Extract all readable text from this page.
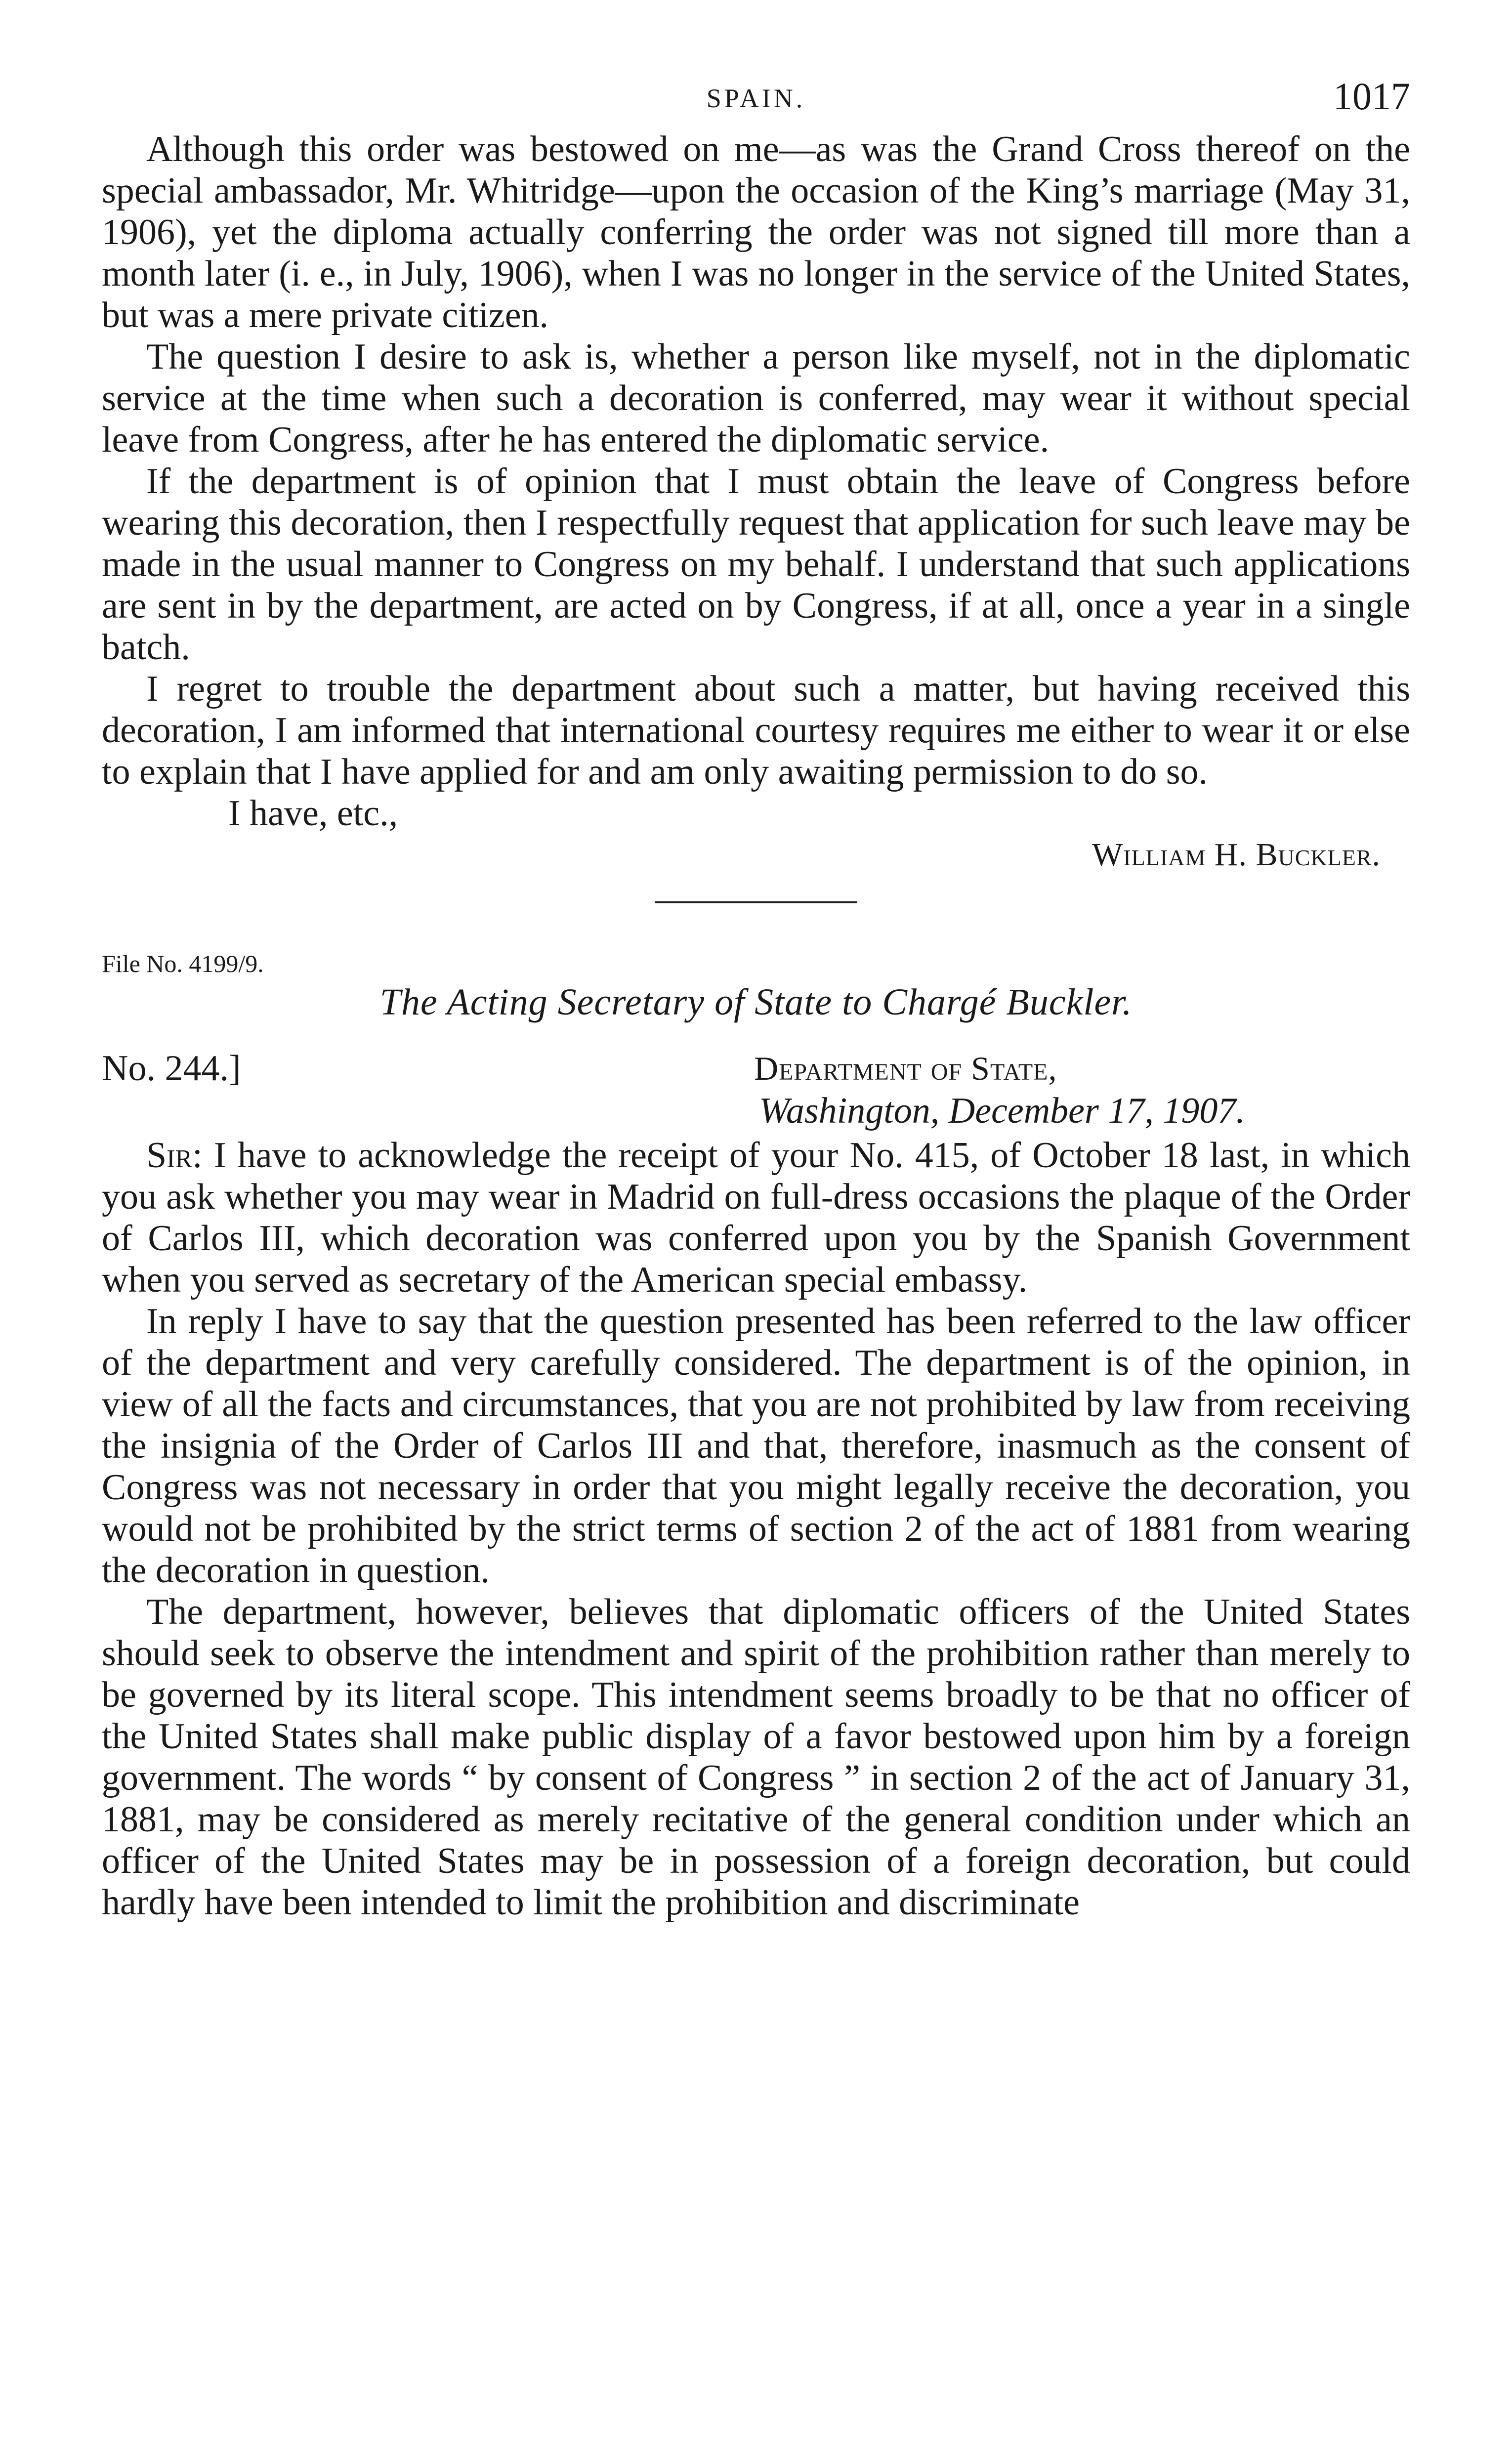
SPAIN.	1017

Although this order was bestowed on me—as was the Grand Cross thereof on the special ambassador, Mr. Whitridge—upon the occasion of the King’s marriage (May 31, 1906), yet the diploma actually conferring the order was not signed till more than a month later (i. e., in July, 1906), when I was no longer in the service of the United States, but was a mere private citizen.

The question I desire to ask is, whether a person like myself, not in the diplomatic service at the time when such a decoration is conferred, may wear it without special leave from Congress, after he has entered the diplomatic service.

If the department is of opinion that I must obtain the leave of Congress before wearing this decoration, then I respectfully request that application for such leave may be made in the usual manner to Congress on my behalf. I understand that such applications are sent in by the department, are acted on by Congress, if at all, once a year in a single batch.

I regret to trouble the department about such a matter, but having received this decoration, I am informed that international courtesy requires me either to wear it or else to explain that I have applied for and am only awaiting permission to do so.

I have, etc.,

William H. Buckler.

File No. 4199/9.

The Acting Secretary of State to Chargé Buckler.

No. 244.]	Department of State,
Washington, December 17, 1907.

Sir: I have to acknowledge the receipt of your No. 415, of October 18 last, in which you ask whether you may wear in Madrid on full-dress occasions the plaque of the Order of Carlos III, which decoration was conferred upon you by the Spanish Government when you served as secretary of the American special embassy.

In reply I have to say that the question presented has been referred to the law officer of the department and very carefully considered. The department is of the opinion, in view of all the facts and circumstances, that you are not prohibited by law from receiving the insignia of the Order of Carlos III and that, therefore, inasmuch as the consent of Congress was not necessary in order that you might legally receive the decoration, you would not be prohibited by the strict terms of section 2 of the act of 1881 from wearing the decoration in question.

The department, however, believes that diplomatic officers of the United States should seek to observe the intendment and spirit of the prohibition rather than merely to be governed by its literal scope. This intendment seems broadly to be that no officer of the United States shall make public display of a favor bestowed upon him by a foreign government. The words “ by consent of Congress ” in section 2 of the act of January 31, 1881, may be considered as merely recitative of the general condition under which an officer of the United States may be in possession of a foreign decoration, but could hardly have been intended to limit the prohibition and discriminate
